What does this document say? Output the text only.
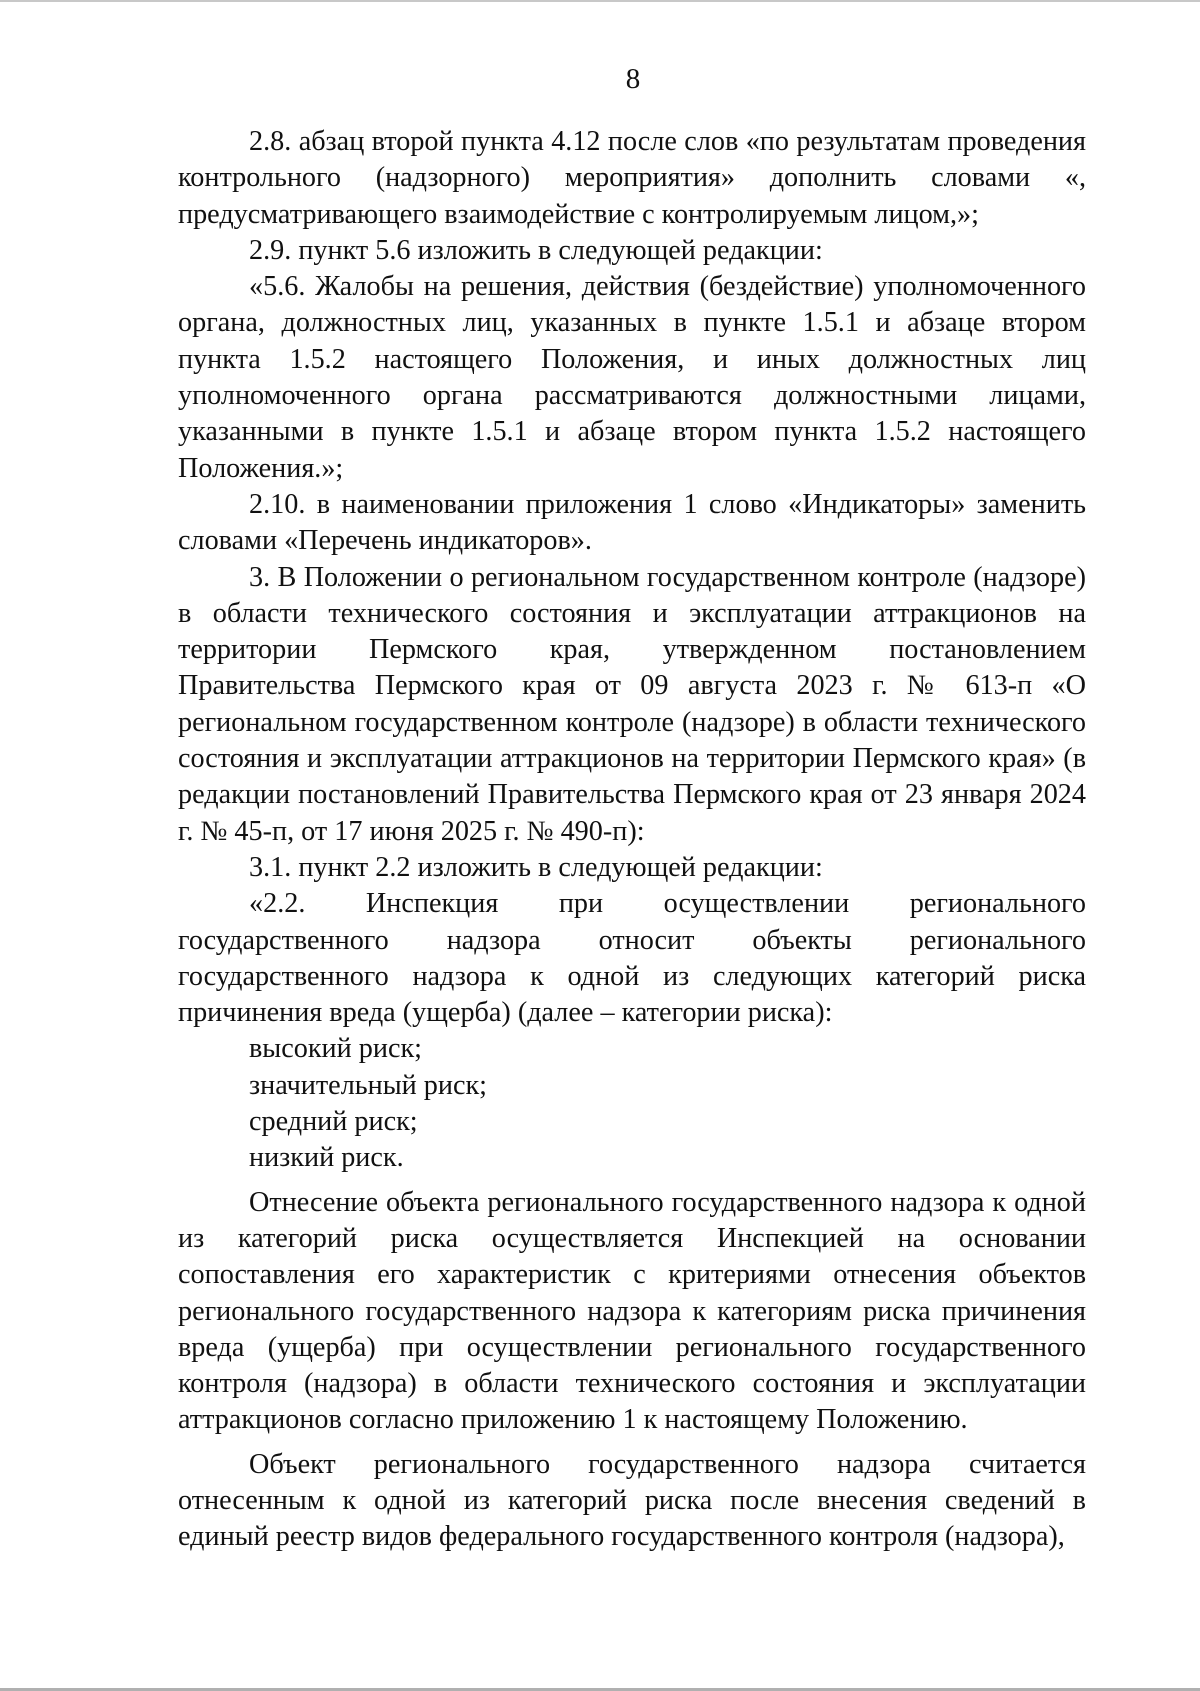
8

2.8. абзац второй пункта 4.12 после слов «по результатам проведения контрольного (надзорного) мероприятия» дополнить словами «, предусматривающего взаимодействие с контролируемым лицом,»;

2.9. пункт 5.6 изложить в следующей редакции:

«5.6. Жалобы на решения, действия (бездействие) уполномоченного органа, должностных лиц, указанных в пункте 1.5.1 и абзаце втором пункта 1.5.2 настоящего Положения, и иных должностных лиц уполномоченного органа рассматриваются должностными лицами, указанными в пункте 1.5.1 и абзаце втором пункта 1.5.2 настоящего Положения.»;

2.10. в наименовании приложения 1 слово «Индикаторы» заменить словами «Перечень индикаторов».

3. В Положении о региональном государственном контроле (надзоре) в области технического состояния и эксплуатации аттракционов на территории Пермского края, утвержденном постановлением Правительства Пермского края от 09 августа 2023 г. № 613-п «О региональном государственном контроле (надзоре) в области технического состояния и эксплуатации аттракционов на территории Пермского края» (в редакции постановлений Правительства Пермского края от 23 января 2024 г. № 45-п, от 17 июня 2025 г. № 490-п):

3.1. пункт 2.2 изложить в следующей редакции:

«2.2. Инспекция при осуществлении регионального государственного надзора относит объекты регионального государственного надзора к одной из следующих категорий риска причинения вреда (ущерба) (далее – категории риска):

высокий риск;

значительный риск;

средний риск;

низкий риск.

Отнесение объекта регионального государственного надзора к одной из категорий риска осуществляется Инспекцией на основании сопоставления его характеристик с критериями отнесения объектов регионального государственного надзора к категориям риска причинения вреда (ущерба) при осуществлении регионального государственного контроля (надзора) в области технического состояния и эксплуатации аттракционов согласно приложению 1 к настоящему Положению.

Объект регионального государственного надзора считается отнесенным к одной из категорий риска после внесения сведений в единый реестр видов федерального государственного контроля (надзора),
